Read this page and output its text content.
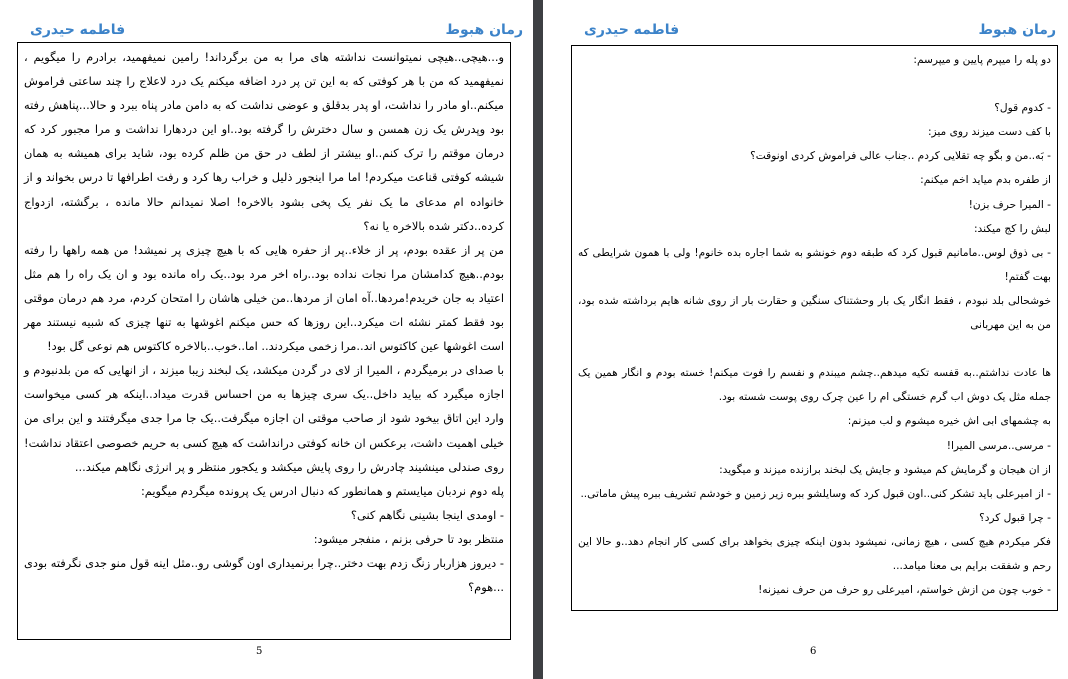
رمان هبوط
فاطمه حیدری

و...هیچی..هیچی نمیتوانست نداشته های مرا به من برگرداند! رامین نمیفهمید، برادرم را میگویم ، نمیفهمید که من با هر کوفتی که به این تن پر درد اضافه میکنم یک درد لاعلاج را چند ساعتی فراموش میکنم..او مادر را نداشت، او پدر بدقلق و عوضی نداشت که به دامن مادر پناه ببرد و حالا...پناهش رفته بود وپدرش یک زن همسن و سال دخترش را گرفته بود..او این دردهارا نداشت و مرا مجبور کرد که درمان موقتم را ترک کنم..او بیشتر از لطف در حق من ظلم کرده بود، شاید برای همیشه به همان شیشه کوفتی قناعت میکردم! اما مرا اینجور ذلیل و خراب رها کرد و رفت اطرافها تا درس بخواند و از خانواده ام مدعای ما یک نفر یک پخی بشود بالاخره! اصلا نمیدانم حالا مانده ، برگشته، ازدواج کرده..دکتر شده بالاخره یا نه؟

من پر از عقده بودم، پر از خلاء..پر از حفره هایی که با هیچ چیزی پر نمیشد! من همه راهها را رفته بودم..هیچ کدامشان مرا نجات نداده بود..راه اخر مرد بود..یک راه مانده بود و ان یک راه را هم مثل اعتیاد به جان خریدم!مردها..آه امان از مردها..من خیلی هاشان را امتحان کردم، مرد هم درمان موقتی بود فقط کمتر نشئه ات میکرد..این روزها که حس میکنم اغوشها به تنها چیزی که شبیه نیستند مهر است اغوشها عین کاکتوس اند..مرا زخمی میکردند.. اما..خوب..بالاخره کاکتوس هم نوعی گل بود!

با صدای در برمیگردم ، المیرا از لای در گردن میکشد، یک لبخند زیبا میزند ، از انهایی که من بلدنبودم و اجازه میگیرد که بیاید داخل..یک سری چیزها به من احساس قدرت میداد..اینکه هر کسی میخواست وارد این اتاق بیخود شود از صاحب موقتی ان اجازه میگرفت..یک جا مرا جدی میگرفتند و این برای من خیلی اهمیت داشت، برعکس ان خانه کوفتی درانداشت که هیچ کسی به حریم خصوصی اعتقاد نداشت!

روی صندلی مینشیند چادرش را روی پایش میکشد و یکجور منتظر و پر انرژی نگاهم میکند...

پله دوم نردبان میایستم و همانطور که دنبال ادرس یک پرونده میگردم میگویم:

- اومدی اینجا بشینی نگاهم کنی؟

منتظر بود تا حرفی بزنم ، منفجر میشود:

- دیروز هزاربار زنگ زدم بهت دختر..چرا برنمیداری اون گوشی رو..مثل اینه قول منو جدی نگرفته بودی ...هوم؟

5
رمان هبوط
فاطمه حیدری

دو پله را میپرم پایین و میپرسم:

- کدوم قول؟

با کف دست میزند روی میز:

- بَه..من و بگو چه تقلایی کردم ..جناب عالی فراموش کردی اونوقت؟

از طفره بدم میاید اخم میکنم:

- المیرا حرف بزن!

لبش را کج میکند:

- بی ذوق لوس..مامانیم قبول کرد که طبقه دوم خونشو به شما اجاره بده خانوم! ولی با همون شرایطی که بهت گفتم!

خوشحالی بلد نبودم ، فقط انگار یک بار وحشتناک سنگین و حقارت بار از روی شانه هایم برداشته شده بود، من به این مهربانی

ها عادت نداشتم..به قفسه تکیه میدهم..چشم میبندم و نفسم را فوت میکنم! خسته بودم و انگار همین یک جمله مثل یک دوش اب گرم خستگی ام را عین چرک روی پوست شسته بود.

به چشمهای ابی اش خیره میشوم و لب میزنم:

- مرسی..مرسی المیرا!

از ان هیجان و گرمایش کم میشود و جایش یک لبخند برازنده میزند و میگوید:

- از امیرعلی باید تشکر کنی..اون قبول کرد که وسایلشو ببره زیر زمین و خودشم تشریف ببره پیش ماماتی..

- چرا قبول کرد؟

فکر میکردم هیچ کسی ، هیچ زمانی، نمیشود بدون اینکه چیزی بخواهد برای کسی کار انجام دهد..و حالا این رحم و شفقت برایم بی معنا میامد...

- خوب چون من ازش خواستم، امیرعلی رو حرف من حرف نمیزنه!

6
